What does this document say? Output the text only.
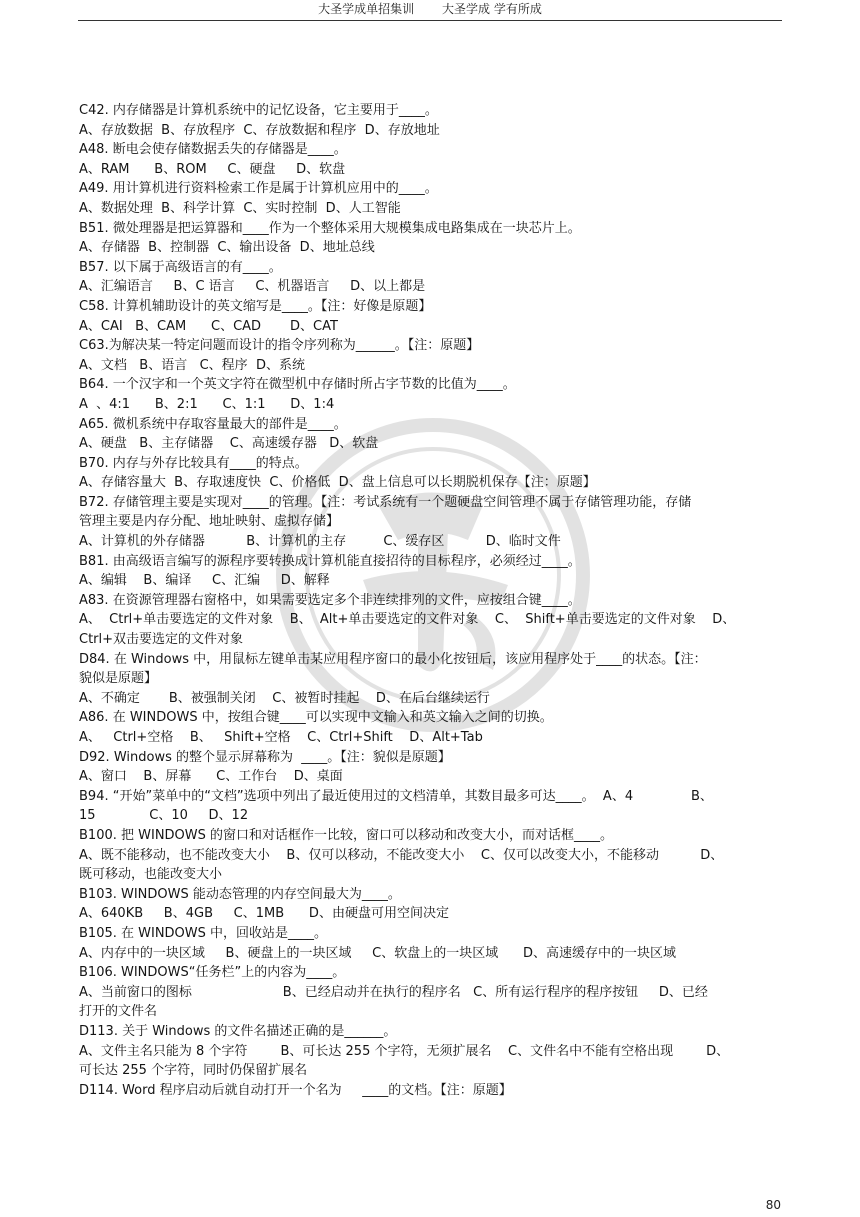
大圣学成单招集训 大圣学成 学有所成
C42. 内存储器是计算机系统中的记忆设备，它主要用于____。
A、存放数据  B、存放程序  C、存放数据和程序  D、存放地址
A48. 断电会使存储数据丢失的存储器是____。
A、RAM      B、ROM     C、硬盘     D、软盘
A49. 用计算机进行资料检索工作是属于计算机应用中的____。
A、数据处理  B、科学计算  C、实时控制  D、人工智能
B51. 微处理器是把运算器和____作为一个整体采用大规模集成电路集成在一块芯片上。
A、存储器  B、控制器  C、输出设备  D、地址总线
B57. 以下属于高级语言的有____。
A、汇编语言     B、C 语言     C、机器语言     D、以上都是
C58. 计算机辅助设计的英文缩写是____。【注：好像是原题】
A、CAI   B、CAM      C、CAD       D、CAT
C63.为解决某一特定问题而设计的指令序列称为______。【注：原题】
A、文档   B、语言   C、程序  D、系统
B64. 一个汉字和一个英文字符在微型机中存储时所占字节数的比值为____。
A  、4:1      B、2:1      C、1:1      D、1:4
A65. 微机系统中存取容量最大的部件是____。
A、硬盘   B、主存储器    C、高速缓存器   D、软盘
B70. 内存与外存比较具有____的特点。
A、存储容量大  B、存取速度快  C、价格低  D、盘上信息可以长期脱机保存【注：原题】
B72. 存储管理主要是实现对____的管理。【注：考试系统有一个题硬盘空间管理不属于存储管理功能，存储
管理主要是内存分配、地址映射、虚拟存储】
A、计算机的外存储器          B、计算机的主存         C、缓存区          D、临时文件
B81. 由高级语言编写的源程序要转换成计算机能直接招待的目标程序，必须经过____。
A、编辑    B、编译     C、汇编     D、解释
A83. 在资源管理器右窗格中，如果需要选定多个非连续排列的文件，应按组合键____。
A、  Ctrl+单击要选定的文件对象    B、  Alt+单击要选定的文件对象    C、  Shift+单击要选定的文件对象    D、
Ctrl+双击要选定的文件对象
D84. 在 Windows 中，用鼠标左键单击某应用程序窗口的最小化按钮后，该应用程序处于____的状态。【注：
貌似是原题】
A、不确定       B、被强制关闭    C、被暂时挂起    D、在后台继续运行
A86. 在 WINDOWS 中，按组合键____可以实现中文输入和英文输入之间的切换。
A、   Ctrl+空格    B、   Shift+空格    C、Ctrl+Shift    D、Alt+Tab
D92. Windows 的整个显示屏幕称为  ____。【注：貌似是原题】
A、窗口    B、屏幕      C、工作台    D、桌面
B94. “开始”菜单中的“文档”选项中列出了最近使用过的文档清单，其数目最多可达____。  A、4              B、
15             C、10     D、12
B100. 把 WINDOWS 的窗口和对话框作一比较，窗口可以移动和改变大小，而对话框____。
A、既不能移动，也不能改变大小    B、仅可以移动，不能改变大小    C、仅可以改变大小，不能移动          D、
既可移动，也能改变大小
B103. WINDOWS 能动态管理的内存空间最大为____。
A、640KB     B、4GB     C、1MB      D、由硬盘可用空间决定
B105. 在 WINDOWS 中，回收站是____。
A、内存中的一块区域     B、硬盘上的一块区域     C、软盘上的一块区域      D、高速缓存中的一块区域
B106. WINDOWS“任务栏”上的内容为____。
A、当前窗口的图标                      B、已经启动并在执行的程序名   C、所有运行程序的程序按钮     D、已经
打开的文件名
D113. 关于 Windows 的文件名描述正确的是______。
A、文件主名只能为 8 个字符        B、可长达 255 个字符，无须扩展名    C、文件名中不能有空格出现        D、
可长达 255 个字符，同时仍保留扩展名
D114. Word 程序启动后就自动打开一个名为     ____的文档。【注：原题】
80
